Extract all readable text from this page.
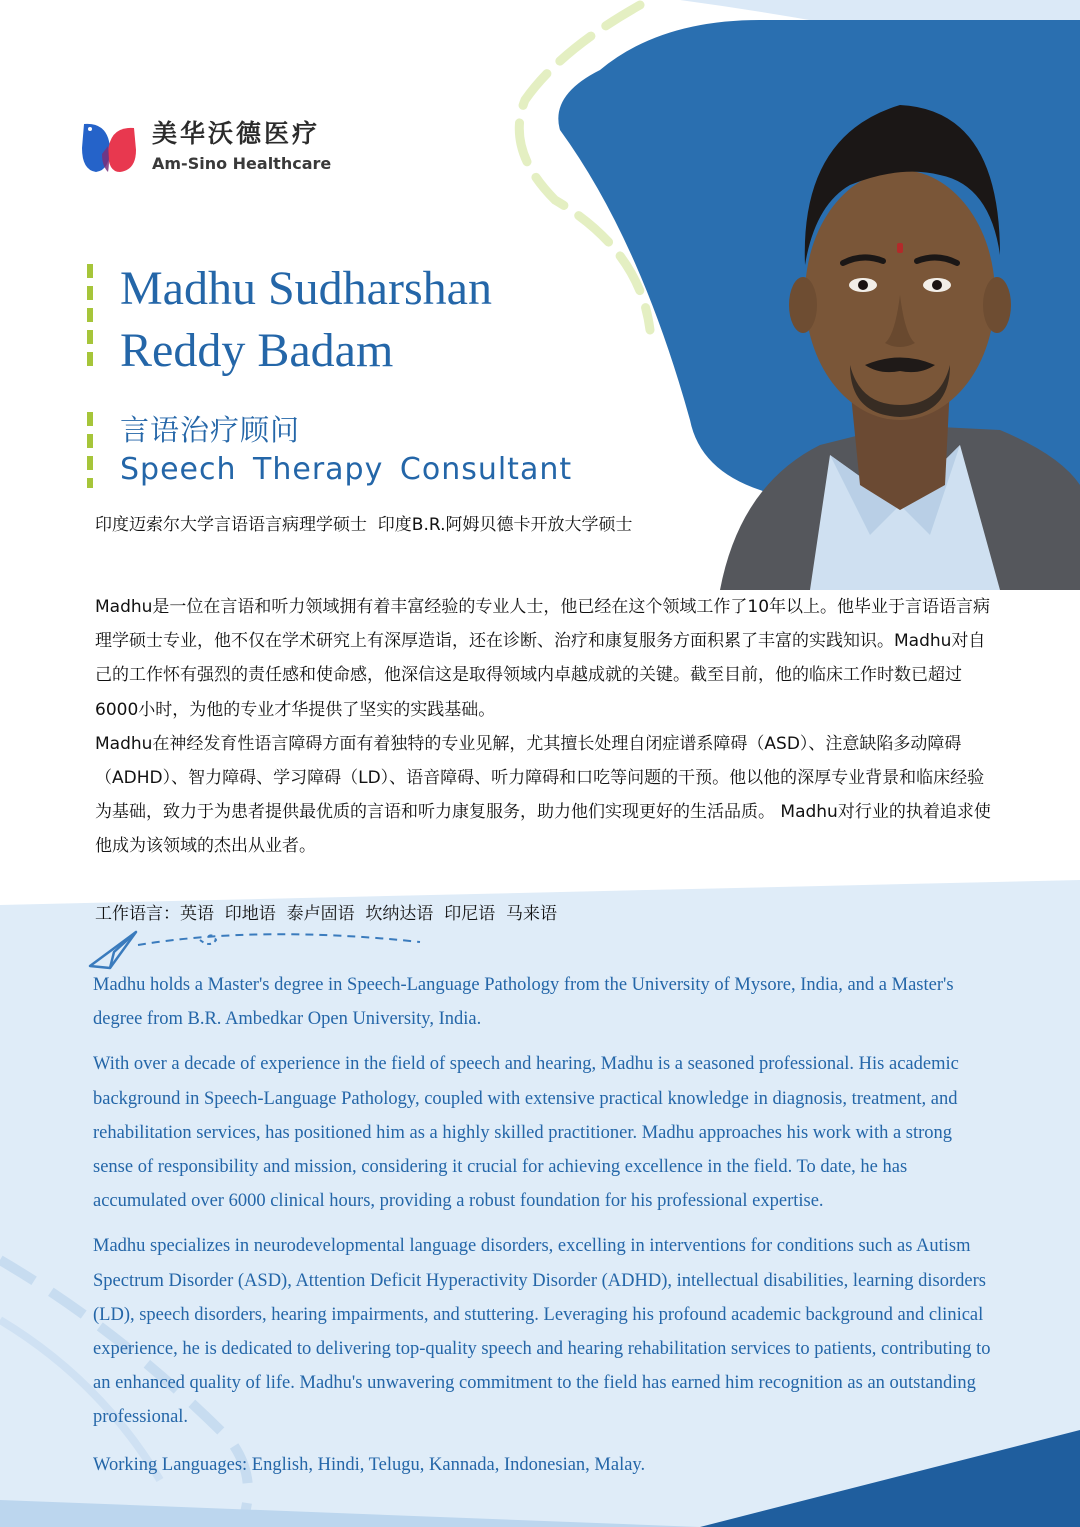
美华沃德医疗
Am-Sino Healthcare
Madhu Sudharshan
Reddy Badam
言语治疗顾问
Speech Therapy Consultant
印度迈索尔大学言语语言病理学硕士  印度B.R.阿姆贝德卡开放大学硕士

Madhu是一位在言语和听力领域拥有着丰富经验的专业人士，他已经在这个领域工作了10年以上。他毕业于言语语言病理学硕士专业，他不仅在学术研究上有深厚造诣，还在诊断、治疗和康复服务方面积累了丰富的实践知识。Madhu对自己的工作怀有强烈的责任感和使命感，他深信这是取得领域内卓越成就的关键。截至目前，他的临床工作时数已超过6000小时，为他的专业才华提供了坚实的实践基础。

Madhu在神经发育性语言障碍方面有着独特的专业见解，尤其擅长处理自闭症谱系障碍（ASD）、注意缺陷多动障碍（ADHD）、智力障碍、学习障碍（LD）、语音障碍、听力障碍和口吃等问题的干预。他以他的深厚专业背景和临床经验为基础，致力于为患者提供最优质的言语和听力康复服务，助力他们实现更好的生活品质。 Madhu对行业的执着追求使他成为该领域的杰出从业者。

工作语言：英语  印地语  泰卢固语  坎纳达语  印尼语  马来语

Madhu holds a Master's degree in Speech-Language Pathology from the University of Mysore, India, and a Master's degree from B.R. Ambedkar Open University, India.

With over a decade of experience in the field of speech and hearing, Madhu is a seasoned professional. His academic background in Speech-Language Pathology, coupled with extensive practical knowledge in diagnosis, treatment, and rehabilitation services, has positioned him as a highly skilled practitioner. Madhu approaches his work with a strong sense of responsibility and mission, considering it crucial for achieving excellence in the field. To date, he has accumulated over 6000 clinical hours, providing a robust foundation for his professional expertise.

Madhu specializes in neurodevelopmental language disorders, excelling in interventions for conditions such as Autism Spectrum Disorder (ASD), Attention Deficit Hyperactivity Disorder (ADHD), intellectual disabilities, learning disorders (LD), speech disorders, hearing impairments, and stuttering. Leveraging his profound academic background and clinical experience, he is dedicated to delivering top-quality speech and hearing rehabilitation services to patients, contributing to an enhanced quality of life. Madhu's unwavering commitment to the field has earned him recognition as an outstanding professional.

Working Languages: English, Hindi, Telugu, Kannada, Indonesian, Malay.
